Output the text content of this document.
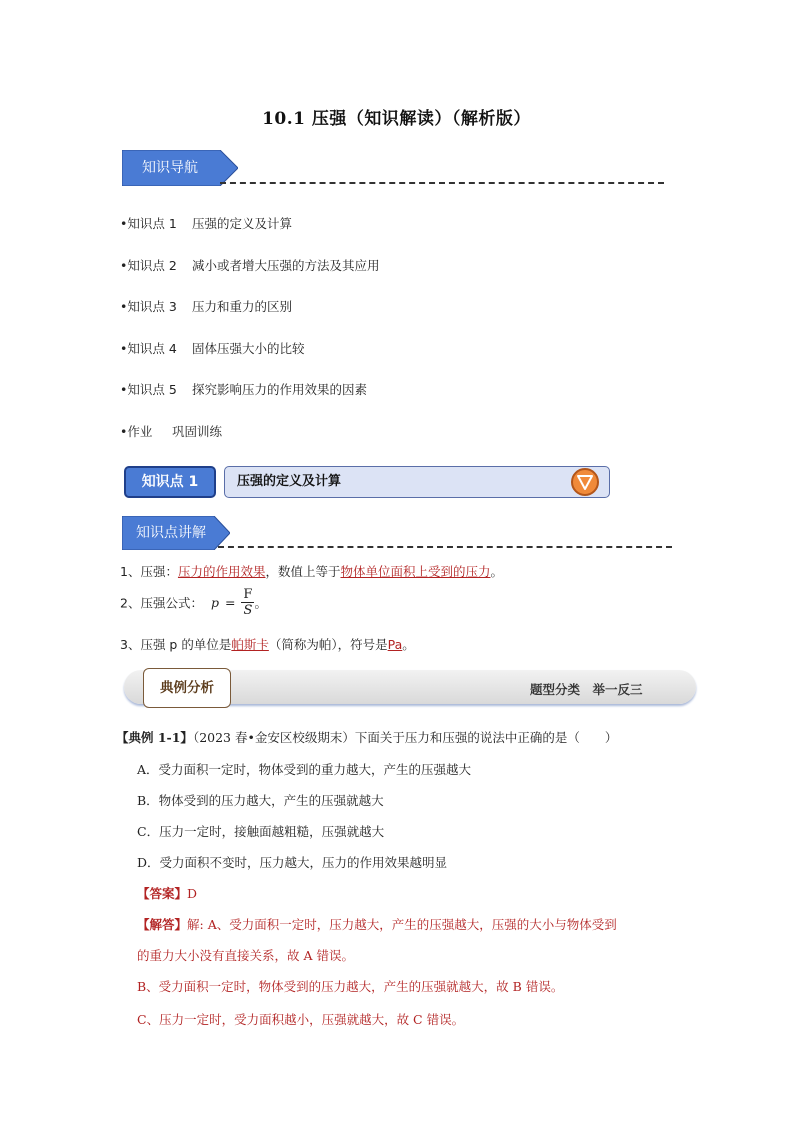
10.1 压强（知识解读）（解析版）
知识导航
•知识点 1 压强的定义及计算
•知识点 2 减小或者增大压强的方法及其应用
•知识点 3 压力和重力的区别
•知识点 4 固体压强大小的比较
•知识点 5 探究影响压力的作用效果的因素
•作业 巩固训练
知识点 1	压强的定义及计算
知识点讲解
1、压强：压力的作用效果，数值上等于物体单位面积上受到的压力。
2、压强公式： $p = \frac{F}{S}$ 。
3、压强 p 的单位是帕斯卡（简称为帕），符号是Pa。
典例分析	题型分类　举一反三
【典例 1-1】（2023 春•金安区校级期末）下面关于压力和压强的说法中正确的是（　　）
A．受力面积一定时，物体受到的重力越大，产生的压强越大
B．物体受到的压力越大，产生的压强就越大
C．压力一定时，接触面越粗糙，压强就越大
D．受力面积不变时，压力越大，压力的作用效果越明显
【答案】D
【解答】解: A、受力面积一定时，压力越大，产生的压强越大，压强的大小与物体受到
的重力大小没有直接关系，故 A 错误。
B、受力面积一定时，物体受到的压力越大，产生的压强就越大，故 B 错误。
C、压力一定时，受力面积越小，压强就越大，故 C 错误。
